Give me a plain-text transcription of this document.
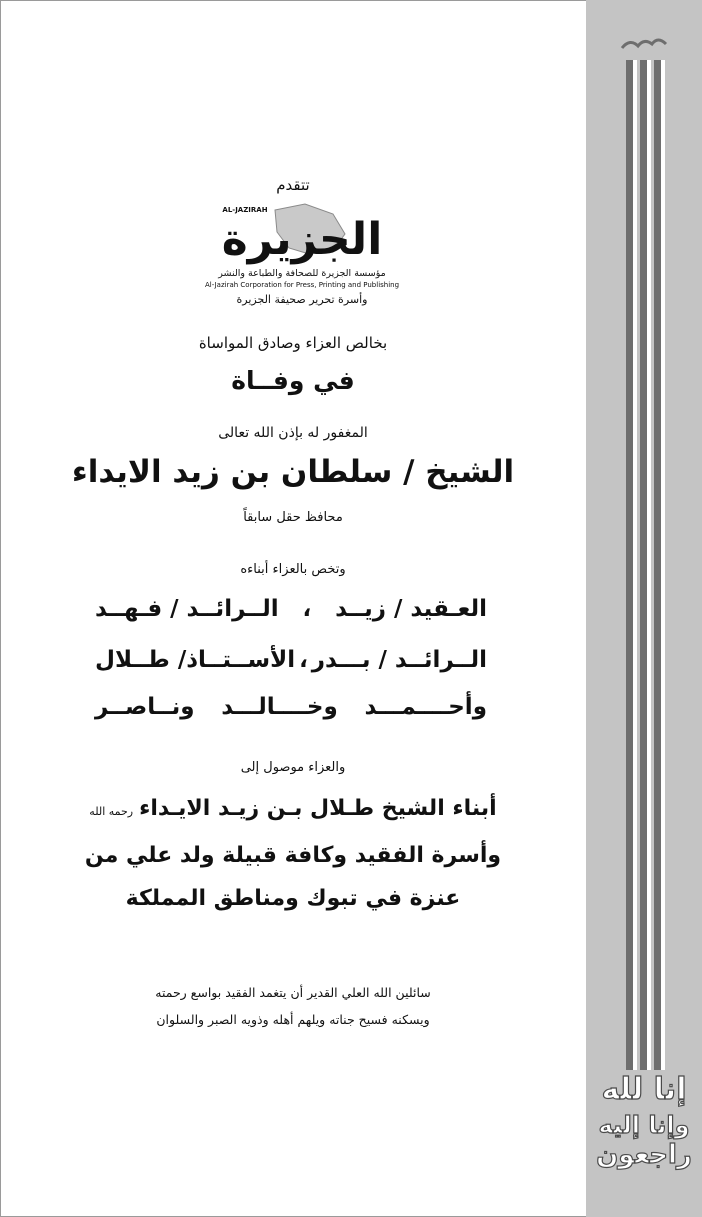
تتقدم
AL-JAZIRAH
الجزيرة
مؤسسة الجزيرة للصحافة والطباعة والنشر
Al-Jazirah Corporation for Press, Printing and Publishing
وأسرة تحرير صحيفة الجزيرة
بخالص العزاء وصادق المواساة
في وفــاة
المغفور له بإذن الله تعالى
الشيخ / سلطان بن زيد الايداء
محافظ حقل سابقاً
وتخص بالعزاء أبناءه
العـقيد / زيــد
،
الــرائــد / فـهــد
الــرائــد / بـــدر
،
الأســتــاذ/ طــلال
وأحــــمـــد
وخــــالـــد
ونــاصــر
والعزاء موصول إلى
أبناء الشيخ طـلال بـن زيـد الايـداءرحمه الله
وأسرة الفقيد وكافة قبيلة ولد علي من
عنزة في تبوك ومناطق المملكة
سائلين الله العلي القدير أن يتغمد الفقيد بواسع رحمته
ويسكنه فسيح جناته ويلهم أهله وذويه الصبر والسلوان
إنا لله
وإنا إليه
راجعون
